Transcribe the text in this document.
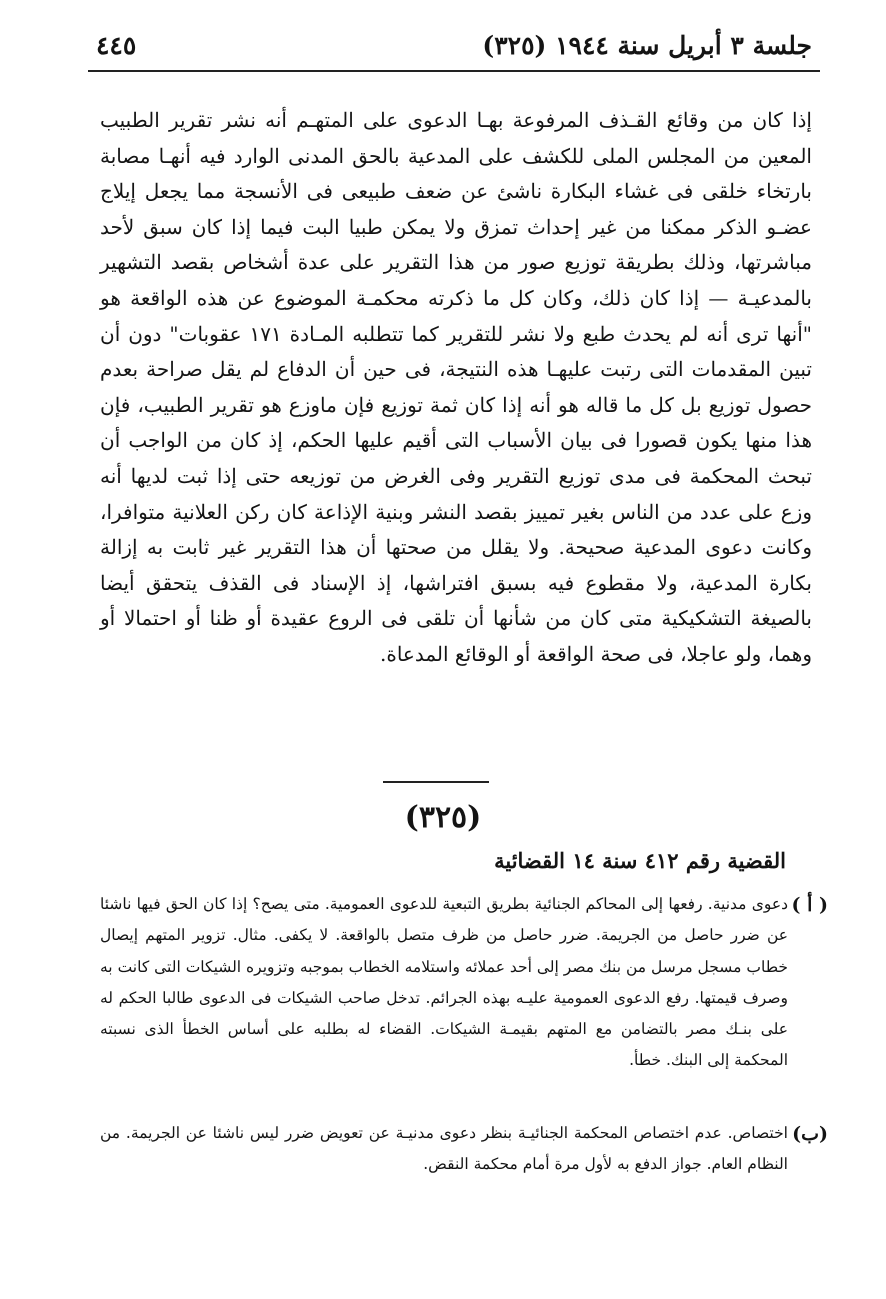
جلسة ٣ أبريل سنة ١٩٤٤ (٣٢٥)
٤٤٥

إذا كان من وقائع القـذف المرفوعة بهـا الدعوى على المتهـم أنه نشر تقرير الطبيب المعين من المجلس الملى للكشف على المدعية بالحق المدنى الوارد فيه أنهـا مصابة بارتخاء خلقى فى غشاء البكارة ناشئ عن ضعف طبيعى فى الأنسجة مما يجعل إيلاج عضـو الذكر ممكنا من غير إحداث تمزق ولا يمكن طبيا البت فيما إذا كان سبق لأحد مباشرتها، وذلك بطريقة توزيع صور من هذا التقرير على عدة أشخاص بقصد التشهير بالمدعيـة — إذا كان ذلك، وكان كل ما ذكرته محكمـة الموضوع عن هذه الواقعة هو "أنها ترى أنه لم يحدث طبع ولا نشر للتقرير كما تتطلبه المـادة ١٧١ عقوبات" دون أن تبين المقدمات التى رتبت عليهـا هذه النتيجة، فى حين أن الدفاع لم يقل صراحة بعدم حصول توزيع بل كل ما قاله هو أنه إذا كان ثمة توزيع فإن ماوزع هو تقرير الطبيب، فإن هذا منها يكون قصورا فى بيان الأسباب التى أقيم عليها الحكم، إذ كان من الواجب أن تبحث المحكمة فى مدى توزيع التقرير وفى الغرض من توزيعه حتى إذا ثبت لديها أنه وزع على عدد من الناس بغير تمييز بقصد النشر وبنية الإذاعة كان ركن العلانية متوافرا، وكانت دعوى المدعية صحيحة. ولا يقلل من صحتها أن هذا التقرير غير ثابت به إزالة بكارة المدعية، ولا مقطوع فيه بسبق افتراشها، إذ الإسناد فى القذف يتحقق أيضا بالصيغة التشكيكية متى كان من شأنها أن تلقى فى الروع عقيدة أو ظنا أو احتمالا أو وهما، ولو عاجلا، فى صحة الواقعة أو الوقائع المدعاة.

(٣٢٥)
القضية رقم ٤١٢ سنة ١٤ القضائية
( أ )
دعوى مدنية. رفعها إلى المحاكم الجنائية بطريق التبعية للدعوى العمومية. متى يصح؟ إذا كان الحق فيها ناشئا عن ضرر حاصل من الجريمة. ضرر حاصل من ظرف متصل بالواقعة. لا يكفى. مثال. تزوير المتهم إيصال خطاب مسجل مرسل من بنك مصر إلى أحد عملائه واستلامه الخطاب بموجبه وتزويره الشيكات التى كانت به وصرف قيمتها. رفع الدعوى العمومية عليـه بهذه الجرائم. تدخل صاحب الشيكات فى الدعوى طالبا الحكم له على بنـك مصر بالتضامن مع المتهم بقيمـة الشيكات. القضاء له بطلبه على أساس الخطأ الذى نسبته المحكمة إلى البنك. خطأ.
(ب)
اختصاص. عدم اختصاص المحكمة الجنائيـة بنظر دعوى مدنيـة عن تعويض ضرر ليس ناشئا عن الجريمة. من النظام العام. جواز الدفع به لأول مرة أمام محكمة النقض.
